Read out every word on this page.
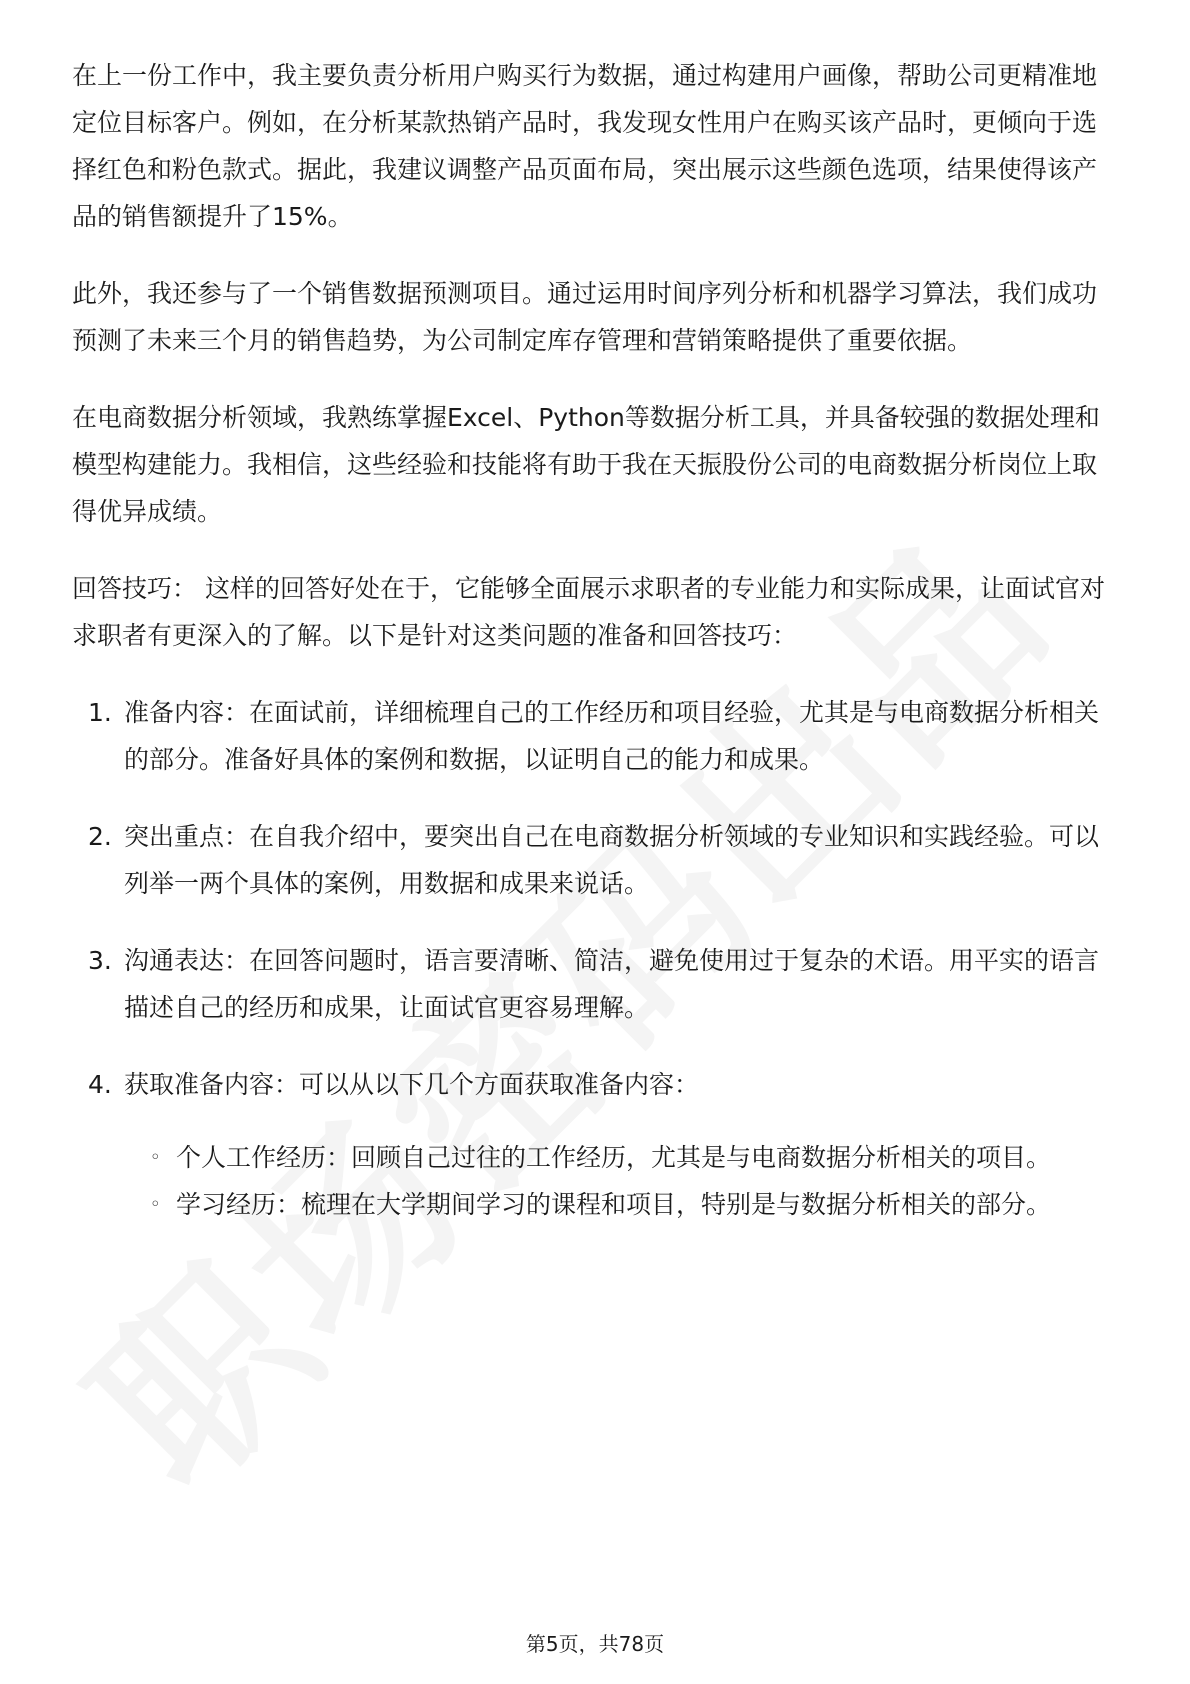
在上一份工作中，我主要负责分析用户购买行为数据，通过构建用户画像，帮助公司更精准地定位目标客户。例如，在分析某款热销产品时，我发现女性用户在购买该产品时，更倾向于选择红色和粉色款式。据此，我建议调整产品页面布局，突出展示这些颜色选项，结果使得该产品的销售额提升了15%。

此外，我还参与了一个销售数据预测项目。通过运用时间序列分析和机器学习算法，我们成功预测了未来三个月的销售趋势，为公司制定库存管理和营销策略提供了重要依据。

在电商数据分析领域，我熟练掌握Excel、Python等数据分析工具，并具备较强的数据处理和模型构建能力。我相信，这些经验和技能将有助于我在天振股份公司的电商数据分析岗位上取得优异成绩。

回答技巧： 这样的回答好处在于，它能够全面展示求职者的专业能力和实际成果，让面试官对求职者有更深入的了解。以下是针对这类问题的准备和回答技巧：

1. 准备内容：在面试前，详细梳理自己的工作经历和项目经验，尤其是与电商数据分析相关的部分。准备好具体的案例和数据，以证明自己的能力和成果。
2. 突出重点：在自我介绍中，要突出自己在电商数据分析领域的专业知识和实践经验。可以列举一两个具体的案例，用数据和成果来说话。
3. 沟通表达：在回答问题时，语言要清晰、简洁，避免使用过于复杂的术语。用平实的语言描述自己的经历和成果，让面试官更容易理解。
4. 获取准备内容：可以从以下几个方面获取准备内容：
◦ 个人工作经历：回顾自己过往的工作经历，尤其是与电商数据分析相关的项目。
◦ 学习经历：梳理在大学期间学习的课程和项目，特别是与数据分析相关的部分。
第5页，共78页
